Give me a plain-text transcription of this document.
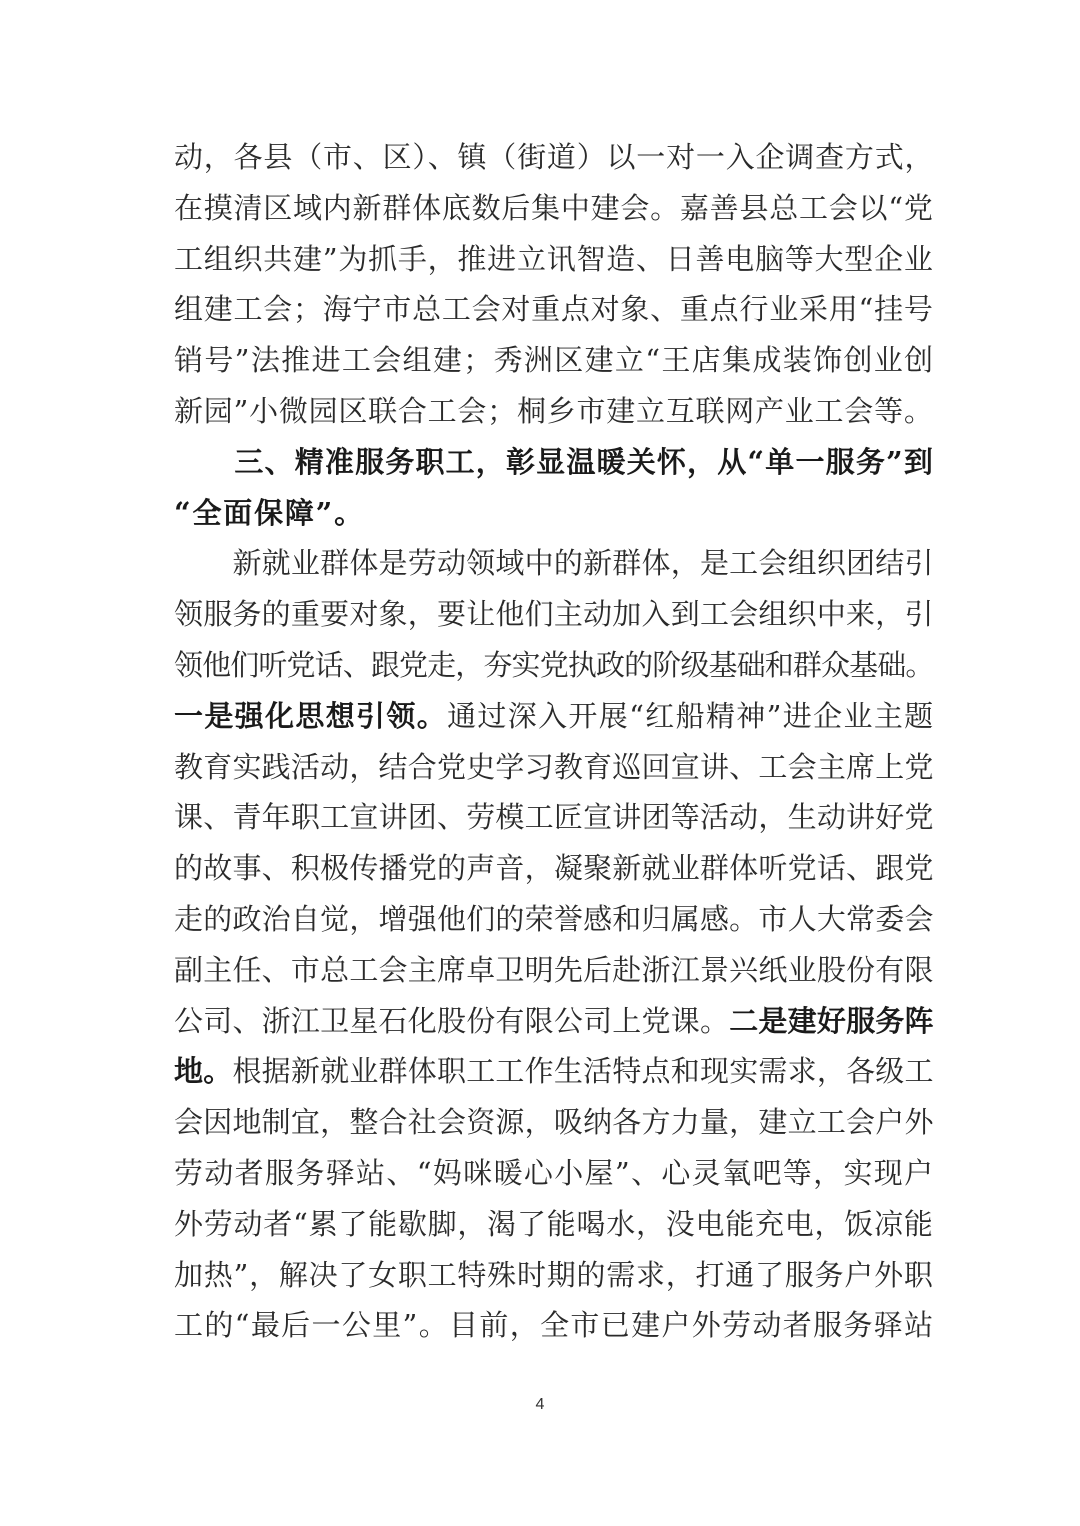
动，各县（市、区）、镇（街道）以一对一入企调查方式，
在摸清区域内新群体底数后集中建会。嘉善县总工会以“党
工组织共建”为抓手，推进立讯智造、日善电脑等大型企业
组建工会；海宁市总工会对重点对象、重点行业采用“挂号
销号”法推进工会组建；秀洲区建立“王店集成装饰创业创
新园”小微园区联合工会；桐乡市建立互联网产业工会等。
　　三、精准服务职工，彰显温暖关怀，从“单一服务”到
“全面保障”。
　　新就业群体是劳动领域中的新群体，是工会组织团结引
领服务的重要对象，要让他们主动加入到工会组织中来，引
领他们听党话、跟党走，夯实党执政的阶级基础和群众基础。
一是强化思想引领。通过深入开展“红船精神”进企业主题
教育实践活动，结合党史学习教育巡回宣讲、工会主席上党
课、青年职工宣讲团、劳模工匠宣讲团等活动，生动讲好党
的故事、积极传播党的声音，凝聚新就业群体听党话、跟党
走的政治自觉，增强他们的荣誉感和归属感。市人大常委会
副主任、市总工会主席卓卫明先后赴浙江景兴纸业股份有限
公司、浙江卫星石化股份有限公司上党课。二是建好服务阵
地。根据新就业群体职工工作生活特点和现实需求，各级工
会因地制宜，整合社会资源，吸纳各方力量，建立工会户外
劳动者服务驿站、“妈咪暖心小屋”、心灵氧吧等，实现户
外劳动者“累了能歇脚，渴了能喝水，没电能充电，饭凉能
加热”，解决了女职工特殊时期的需求，打通了服务户外职
工的“最后一公里”。目前，全市已建户外劳动者服务驿站
4
